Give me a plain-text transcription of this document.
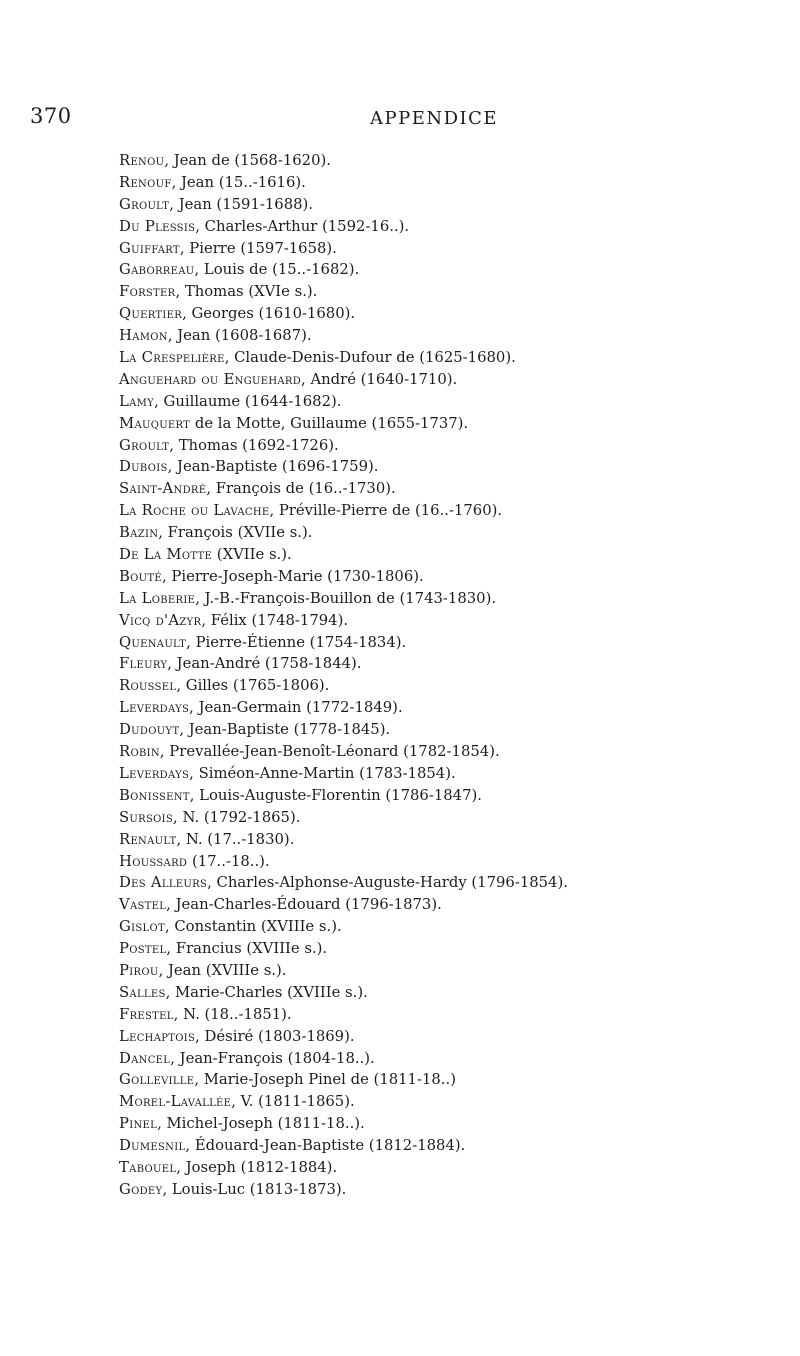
370	APPENDICE
Renou, Jean de (1568-1620).
Renouf, Jean (15..-1616).
Groult, Jean (1591-1688).
Du Plessis, Charles-Arthur (1592-16..).
Guiffart, Pierre (1597-1658).
Gaborreau, Louis de (15..-1682).
Forster, Thomas (XVIe s.).
Quertier, Georges (1610-1680).
Hamon, Jean (1608-1687).
La Crespelière, Claude-Denis-Dufour de (1625-1680).
Anguehard ou Enguehard, André (1640-1710).
Lamy, Guillaume (1644-1682).
Mauquert de la Motte, Guillaume (1655-1737).
Groult, Thomas (1692-1726).
Dubois, Jean-Baptiste (1696-1759).
Saint-André, François de (16..-1730).
La Roche ou Lavache, Préville-Pierre de (16..-1760).
Bazin, François (XVIIe s.).
De La Motte (XVIIe s.).
Bouté, Pierre-Joseph-Marie (1730-1806).
La Loberie, J.-B.-François-Bouillon de (1743-1830).
Vicq d'Azyr, Félix (1748-1794).
Quenault, Pierre-Étienne (1754-1834).
Fleury, Jean-André (1758-1844).
Roussel, Gilles (1765-1806).
Leverdays, Jean-Germain (1772-1849).
Dudouyt, Jean-Baptiste (1778-1845).
Robin, Prevallée-Jean-Benoît-Léonard (1782-1854).
Leverdays, Siméon-Anne-Martin (1783-1854).
Bonissent, Louis-Auguste-Florentin (1786-1847).
Sursois, N. (1792-1865).
Renault, N. (17..-1830).
Houssard (17..-18..).
Des Alleurs, Charles-Alphonse-Auguste-Hardy (1796-1854).
Vastel, Jean-Charles-Édouard (1796-1873).
Gislot, Constantin (XVIIIe s.).
Postel, Francius (XVIIIe s.).
Pirou, Jean (XVIIIe s.).
Salles, Marie-Charles (XVIIIe s.).
Frestel, N. (18..-1851).
Lechaptois, Désiré (1803-1869).
Dancel, Jean-François (1804-18..).
Golleville, Marie-Joseph Pinel de (1811-18..)
Morel-Lavallée, V. (1811-1865).
Pinel, Michel-Joseph (1811-18..).
Dumesnil, Édouard-Jean-Baptiste (1812-1884).
Tabouel, Joseph (1812-1884).
Godey, Louis-Luc (1813-1873).
